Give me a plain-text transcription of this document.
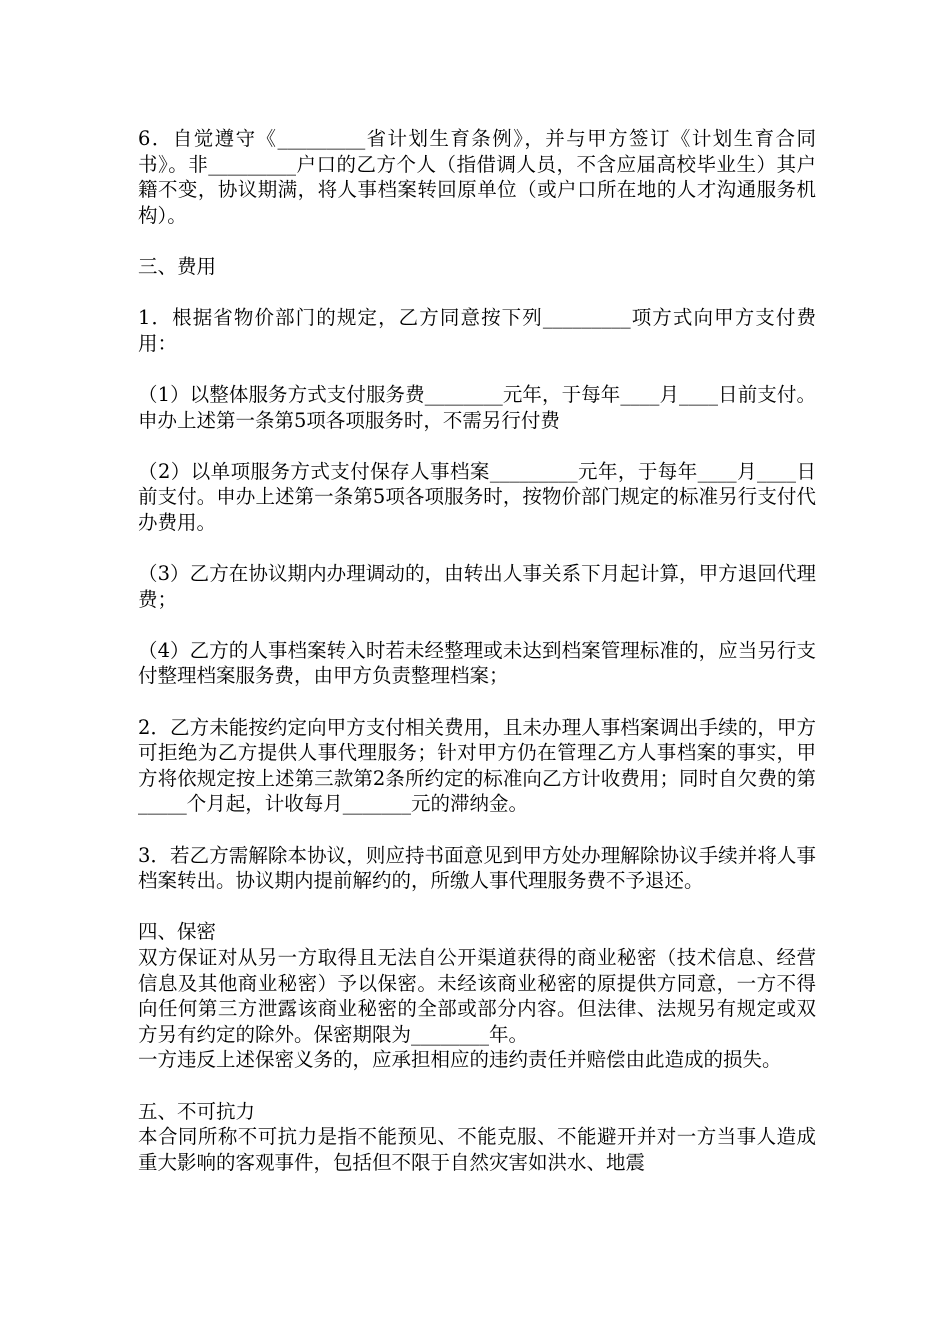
6．自觉遵守《_________省计划生育条例》，并与甲方签订《计划生育合同书》。非_________户口的乙方个人（指借调人员，不含应届高校毕业生）其户籍不变，协议期满，将人事档案转回原单位（或户口所在地的人才沟通服务机构）。

三、费用

1．根据省物价部门的规定，乙方同意按下列_________项方式向甲方支付费用：

（1）以整体服务方式支付服务费________元年，于每年____月____日前支付。申办上述第一条第5项各项服务时，不需另行付费

（2）以单项服务方式支付保存人事档案_________元年，于每年____月____日前支付。申办上述第一条第5项各项服务时，按物价部门规定的标准另行支付代办费用。

（3）乙方在协议期内办理调动的，由转出人事关系下月起计算，甲方退回代理费；

（4）乙方的人事档案转入时若未经整理或未达到档案管理标准的，应当另行支付整理档案服务费，由甲方负责整理档案；

2．乙方未能按约定向甲方支付相关费用，且未办理人事档案调出手续的，甲方可拒绝为乙方提供人事代理服务；针对甲方仍在管理乙方人事档案的事实，甲方将依规定按上述第三款第2条所约定的标准向乙方计收费用；同时自欠费的第_____个月起，计收每月_______元的滞纳金。

3．若乙方需解除本协议，则应持书面意见到甲方处办理解除协议手续并将人事档案转出。协议期内提前解约的，所缴人事代理服务费不予退还。

四、保密

双方保证对从另一方取得且无法自公开渠道获得的商业秘密（技术信息、经营信息及其他商业秘密）予以保密。未经该商业秘密的原提供方同意，一方不得向任何第三方泄露该商业秘密的全部或部分内容。但法律、法规另有规定或双方另有约定的除外。保密期限为________年。

一方违反上述保密义务的，应承担相应的违约责任并赔偿由此造成的损失。

五、不可抗力

本合同所称不可抗力是指不能预见、不能克服、不能避开并对一方当事人造成重大影响的客观事件，包括但不限于自然灾害如洪水、地震
